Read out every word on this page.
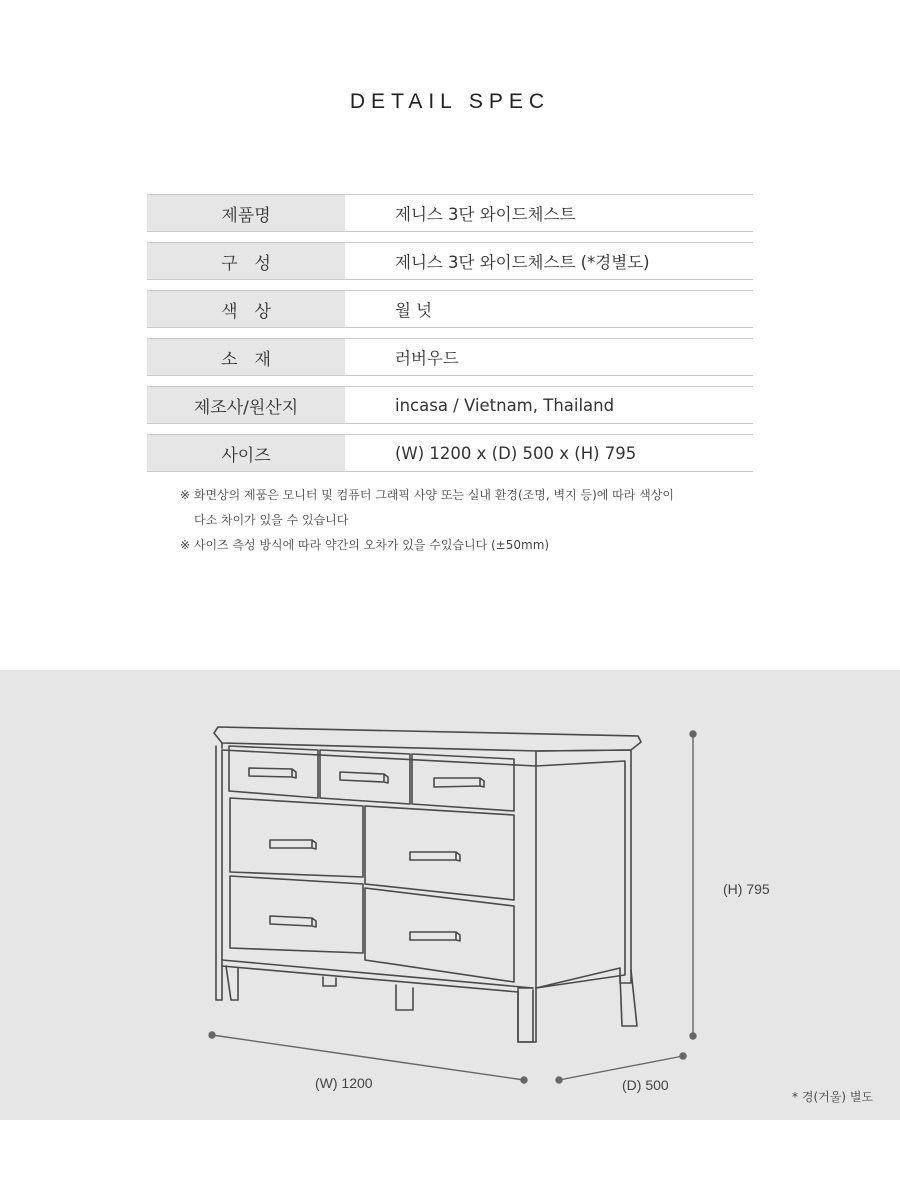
DETAIL SPEC
제품명	제니스 3단 와이드체스트
구　성	제니스 3단 와이드체스트 (*경별도)
색　상	월 넛
소　재	러버우드
제조사/원산지	incasa / Vietnam, Thailand
사이즈	(W) 1200 x (D) 500 x (H) 795
※ 화면상의 제품은 모니터 및 컴퓨터 그래픽 사양 또는 실내 환경(조명, 벽지 등)에 따라 색상이
다소 차이가 있을 수 있습니다
※ 사이즈 측성 방식에 따라 약간의 오차가 있을 수있습니다 (±50mm)
(H) 795
(W) 1200	(D) 500
* 경(거울) 별도
